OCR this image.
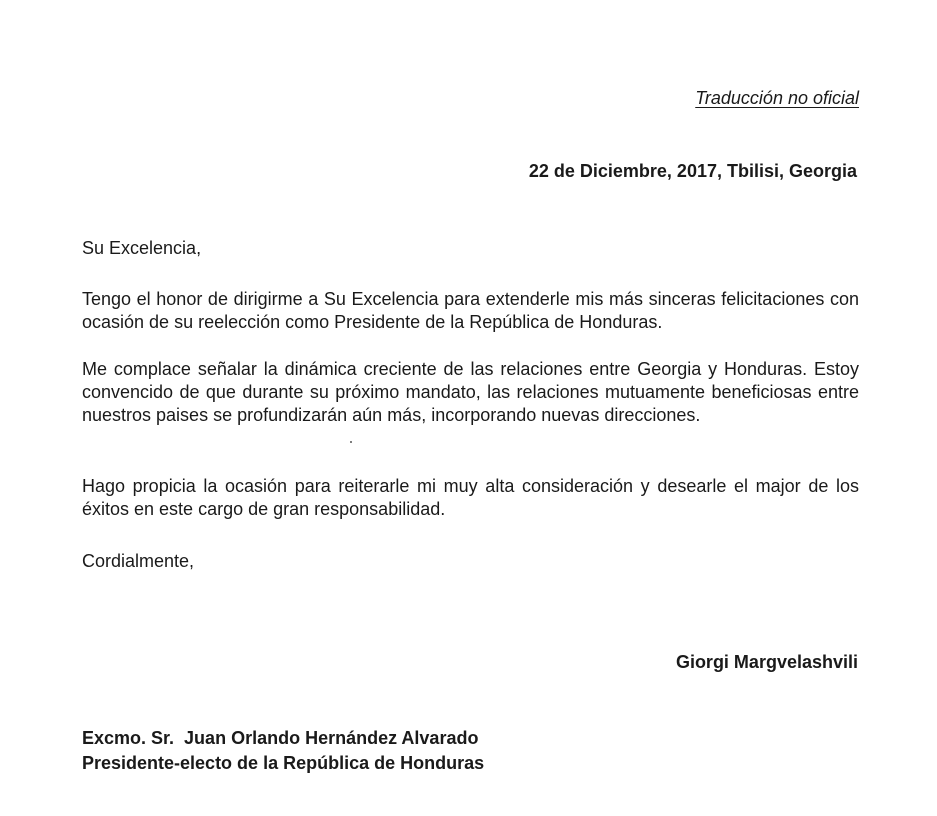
Traducción no oficial
22 de Diciembre, 2017, Tbilisi, Georgia
Su Excelencia,
Tengo el honor de dirigirme a Su Excelencia para extenderle mis más sinceras felicitaciones con ocasión de su reelección como Presidente de la República de Honduras.
Me complace señalar la dinámica creciente de las relaciones entre Georgia y Honduras. Estoy convencido de que durante su próximo mandato, las relaciones mutuamente beneficiosas entre nuestros paises se profundizarán aún más, incorporando nuevas direcciones.
Hago propicia la ocasión para reiterarle mi muy alta consideración y desearle el major de los éxitos en este cargo de gran responsabilidad.
Cordialmente,
Giorgi Margvelashvili
Excmo. Sr.  Juan Orlando Hernández Alvarado
Presidente-electo de la República de Honduras
